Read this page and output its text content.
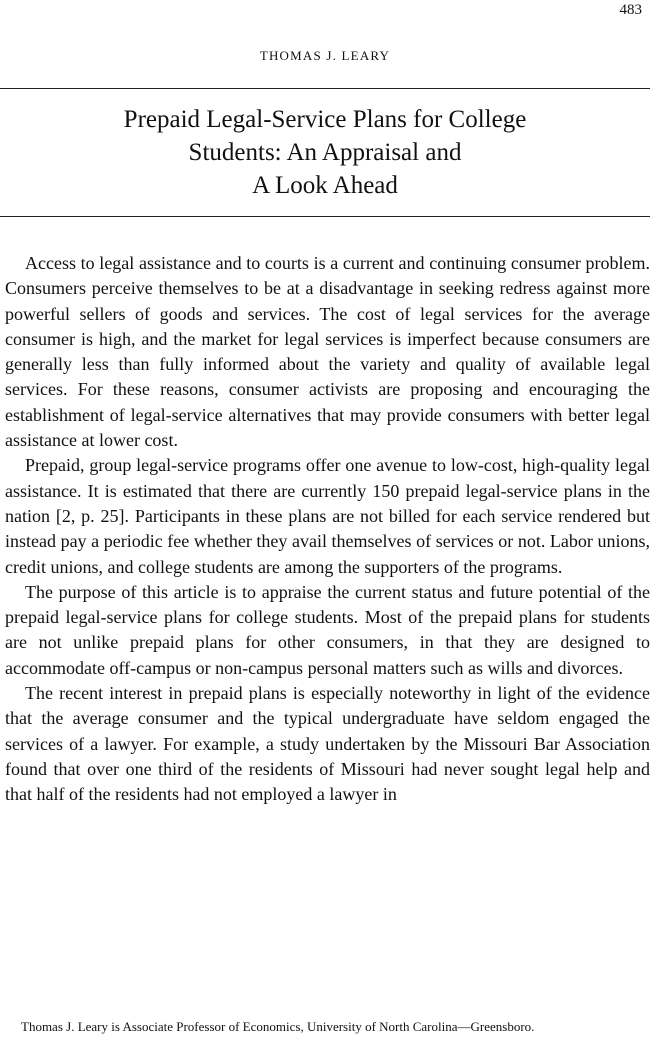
483
THOMAS J. LEARY
Prepaid Legal-Service Plans for College
Students: An Appraisal and
A Look Ahead

Access to legal assistance and to courts is a current and continuing consumer problem. Consumers perceive themselves to be at a disadvantage in seeking redress against more powerful sellers of goods and services. The cost of legal services for the average consumer is high, and the market for legal services is imperfect because consumers are generally less than fully informed about the variety and quality of available legal services. For these reasons, consumer activists are proposing and encouraging the establishment of legal-service alternatives that may provide consumers with better legal assistance at lower cost.

Prepaid, group legal-service programs offer one avenue to low-cost, high-quality legal assistance. It is estimated that there are currently 150 prepaid legal-service plans in the nation [2, p. 25]. Participants in these plans are not billed for each service rendered but instead pay a periodic fee whether they avail themselves of services or not. Labor unions, credit unions, and college students are among the supporters of the programs.

The purpose of this article is to appraise the current status and future potential of the prepaid legal-service plans for college students. Most of the prepaid plans for students are not unlike prepaid plans for other consumers, in that they are designed to accommodate off-campus or non-campus personal matters such as wills and divorces.

The recent interest in prepaid plans is especially noteworthy in light of the evidence that the average consumer and the typical undergraduate have seldom engaged the services of a lawyer. For example, a study undertaken by the Missouri Bar Association found that over one third of the residents of Missouri had never sought legal help and that half of the residents had not employed a lawyer in

Thomas J. Leary is Associate Professor of Economics, University of North Carolina—Greensboro.
